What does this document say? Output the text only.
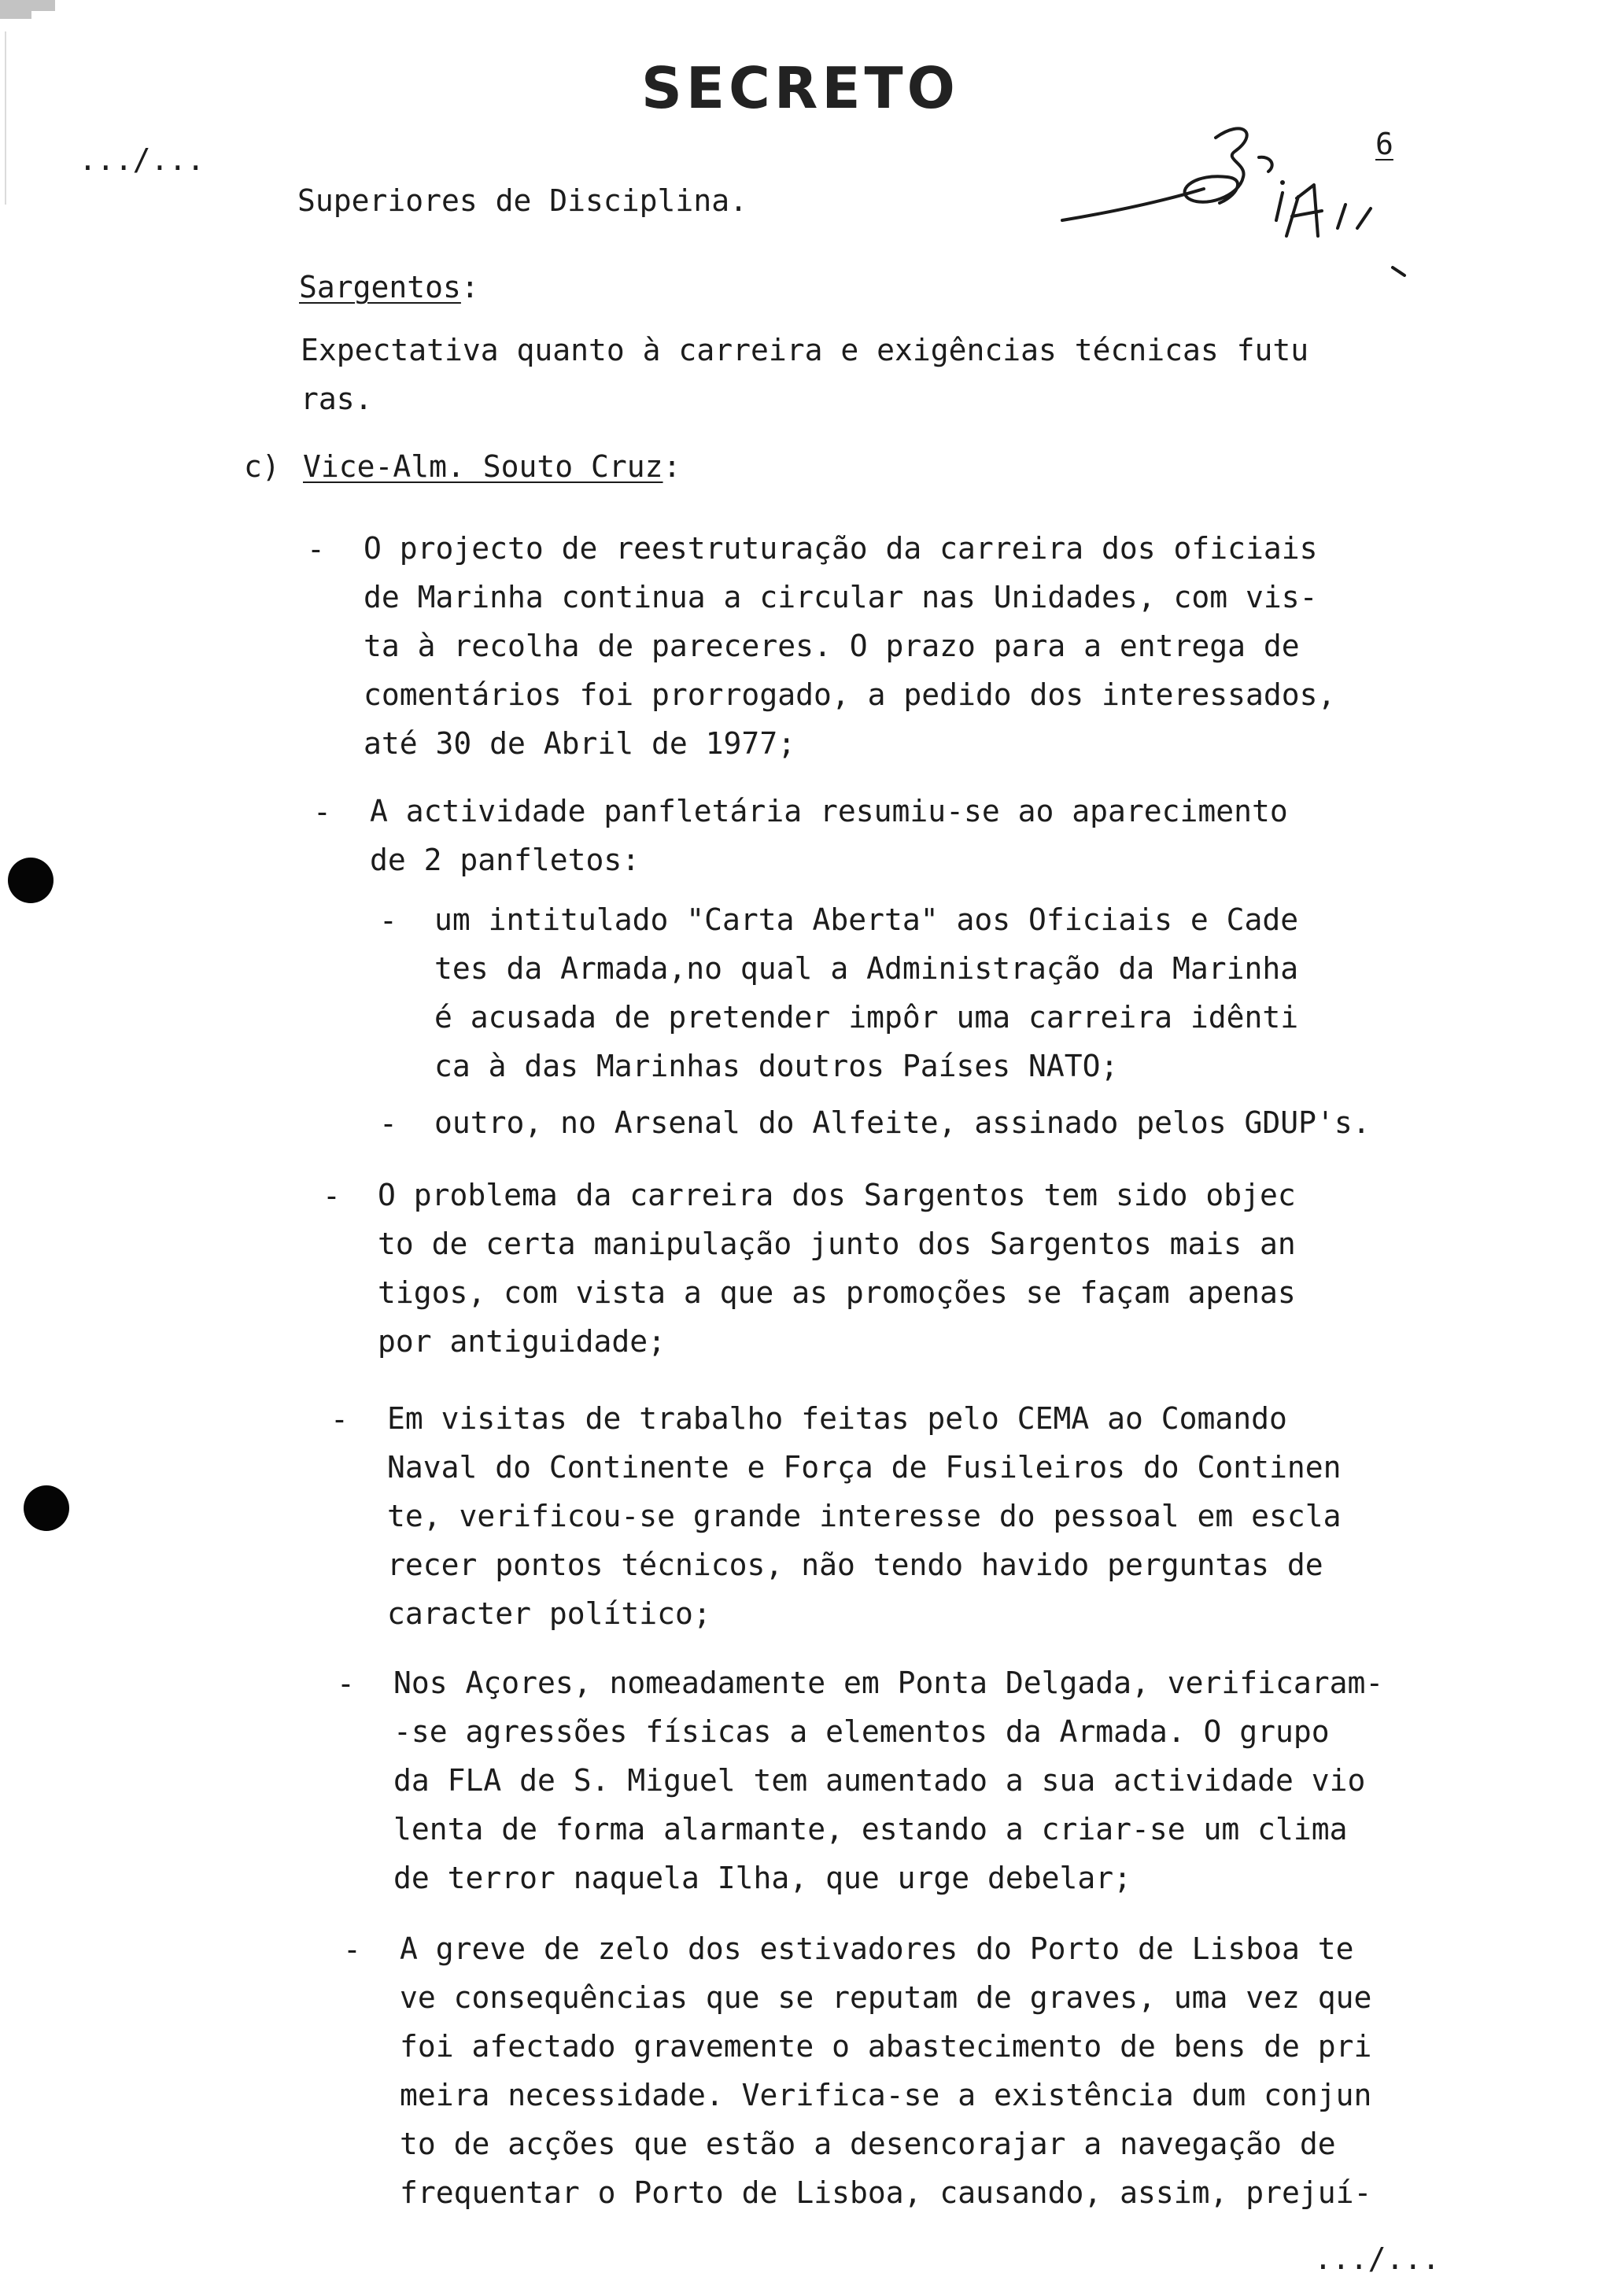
SECRETO
.../...	6
Superiores de Disciplina.
Sargentos:
Expectativa quanto à carreira e exigências técnicas futu
ras.
c) Vice-Alm. Souto Cruz:
- O projecto de reestruturação da carreira dos oficiais
de Marinha continua a circular nas Unidades, com vis-
ta à recolha de pareceres. O prazo para a entrega de
comentários foi prorrogado, a pedido dos interessados,
até 30 de Abril de 1977;
- A actividade panfletária resumiu-se ao aparecimento
de 2 panfletos:
- um intitulado "Carta Aberta" aos Oficiais e Cade
tes da Armada,no qual a Administração da Marinha
é acusada de pretender impôr uma carreira idênti
ca à das Marinhas doutros Países NATO;
- outro, no Arsenal do Alfeite, assinado pelos GDUP's.
- O problema da carreira dos Sargentos tem sido objec
to de certa manipulação junto dos Sargentos mais an
tigos, com vista a que as promoções se façam apenas
por antiguidade;
- Em visitas de trabalho feitas pelo CEMA ao Comando
Naval do Continente e Força de Fusileiros do Continen
te, verificou-se grande interesse do pessoal em escla
recer pontos técnicos, não tendo havido perguntas de
caracter político;
- Nos Açores, nomeadamente em Ponta Delgada, verificaram-
-se agressões físicas a elementos da Armada. O grupo
da FLA de S. Miguel tem aumentado a sua actividade vio
lenta de forma alarmante, estando a criar-se um clima
de terror naquela Ilha, que urge debelar;
- A greve de zelo dos estivadores do Porto de Lisboa te
ve consequências que se reputam de graves, uma vez que
foi afectado gravemente o abastecimento de bens de pri
meira necessidade. Verifica-se a existência dum conjun
to de acções que estão a desencorajar a navegação de
frequentar o Porto de Lisboa, causando, assim, prejuí-
.../...
